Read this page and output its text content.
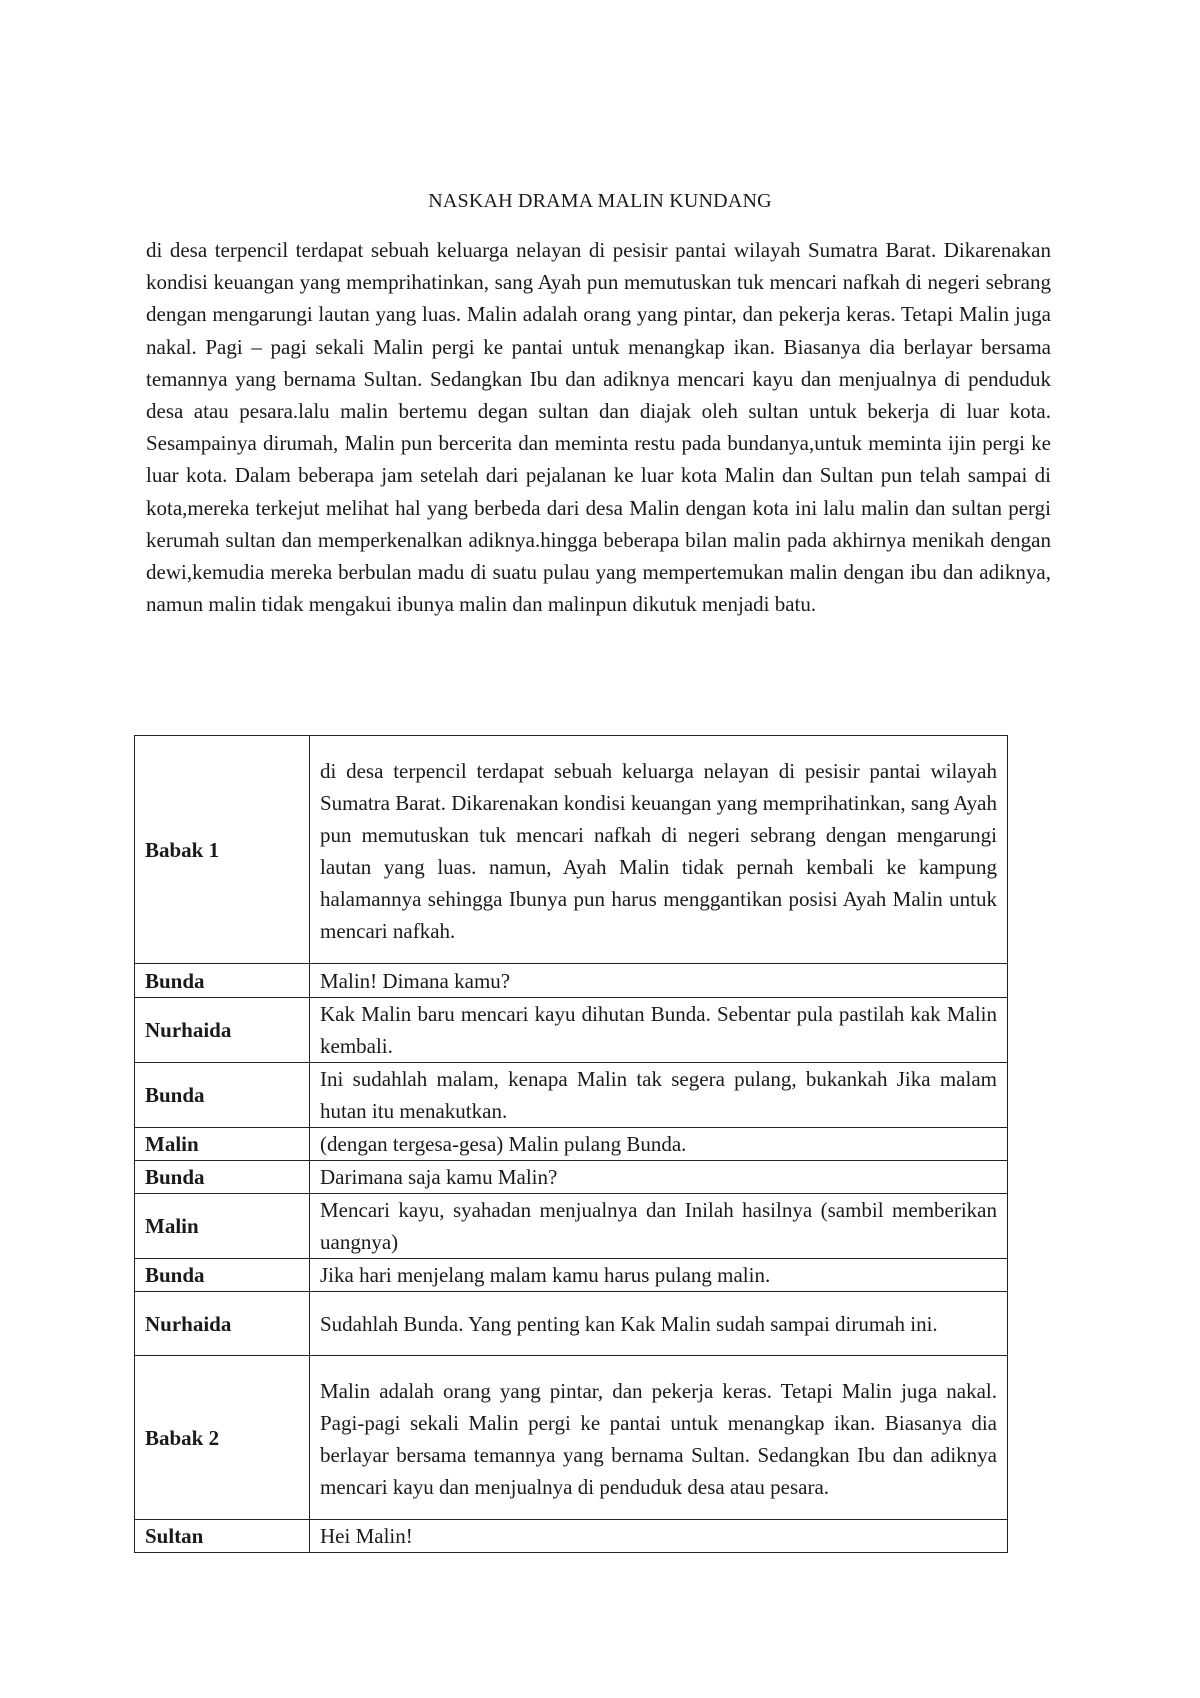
NASKAH DRAMA MALIN KUNDANG

di desa terpencil terdapat sebuah keluarga nelayan di pesisir pantai wilayah Sumatra Barat. Dikarenakan kondisi keuangan yang memprihatinkan, sang Ayah pun memutuskan tuk mencari nafkah di negeri sebrang dengan mengarungi lautan yang luas. Malin adalah orang yang pintar, dan pekerja keras. Tetapi Malin juga nakal. Pagi – pagi sekali Malin pergi ke pantai untuk menangkap ikan. Biasanya dia berlayar bersama temannya yang bernama Sultan. Sedangkan Ibu dan adiknya mencari kayu dan menjualnya di penduduk desa atau pesara.lalu malin bertemu degan sultan dan diajak oleh sultan untuk bekerja di luar kota. Sesampainya dirumah, Malin pun bercerita dan meminta restu pada bundanya,untuk meminta ijin pergi ke luar kota. Dalam beberapa jam setelah dari pejalanan ke luar kota Malin dan Sultan pun telah sampai di kota,mereka terkejut melihat hal yang berbeda dari desa Malin dengan kota ini lalu malin dan sultan pergi kerumah sultan dan memperkenalkan adiknya.hingga beberapa bilan malin pada akhirnya menikah dengan dewi,kemudia mereka berbulan madu di suatu pulau yang mempertemukan malin dengan ibu dan adiknya, namun malin tidak mengakui ibunya malin dan malinpun dikutuk menjadi batu.

Babak 1	di desa terpencil terdapat sebuah keluarga nelayan di pesisir pantai wilayah Sumatra Barat. Dikarenakan kondisi keuangan yang memprihatinkan, sang Ayah pun memutuskan tuk mencari nafkah di negeri sebrang dengan mengarungi lautan yang luas. namun, Ayah Malin tidak pernah kembali ke kampung halamannya sehingga Ibunya pun harus menggantikan posisi Ayah Malin untuk mencari nafkah.
Bunda	Malin! Dimana kamu?
Nurhaida	Kak Malin baru mencari kayu dihutan Bunda. Sebentar pula pastilah kak Malin kembali.
Bunda	Ini sudahlah malam, kenapa Malin tak segera pulang, bukankah Jika malam hutan itu menakutkan.
Malin	(dengan tergesa-gesa) Malin pulang Bunda.
Bunda	Darimana saja kamu Malin?
Malin	Mencari kayu, syahadan menjualnya dan Inilah hasilnya (sambil memberikan uangnya)
Bunda	Jika hari menjelang malam kamu harus pulang malin.
Nurhaida	Sudahlah Bunda. Yang penting kan Kak Malin sudah sampai dirumah ini.
Babak 2	Malin adalah orang yang pintar, dan pekerja keras. Tetapi Malin juga nakal. Pagi-pagi sekali Malin pergi ke pantai untuk menangkap ikan. Biasanya dia berlayar bersama temannya yang bernama Sultan. Sedangkan Ibu dan adiknya mencari kayu dan menjualnya di penduduk desa atau pesara.
Sultan	Hei Malin!
